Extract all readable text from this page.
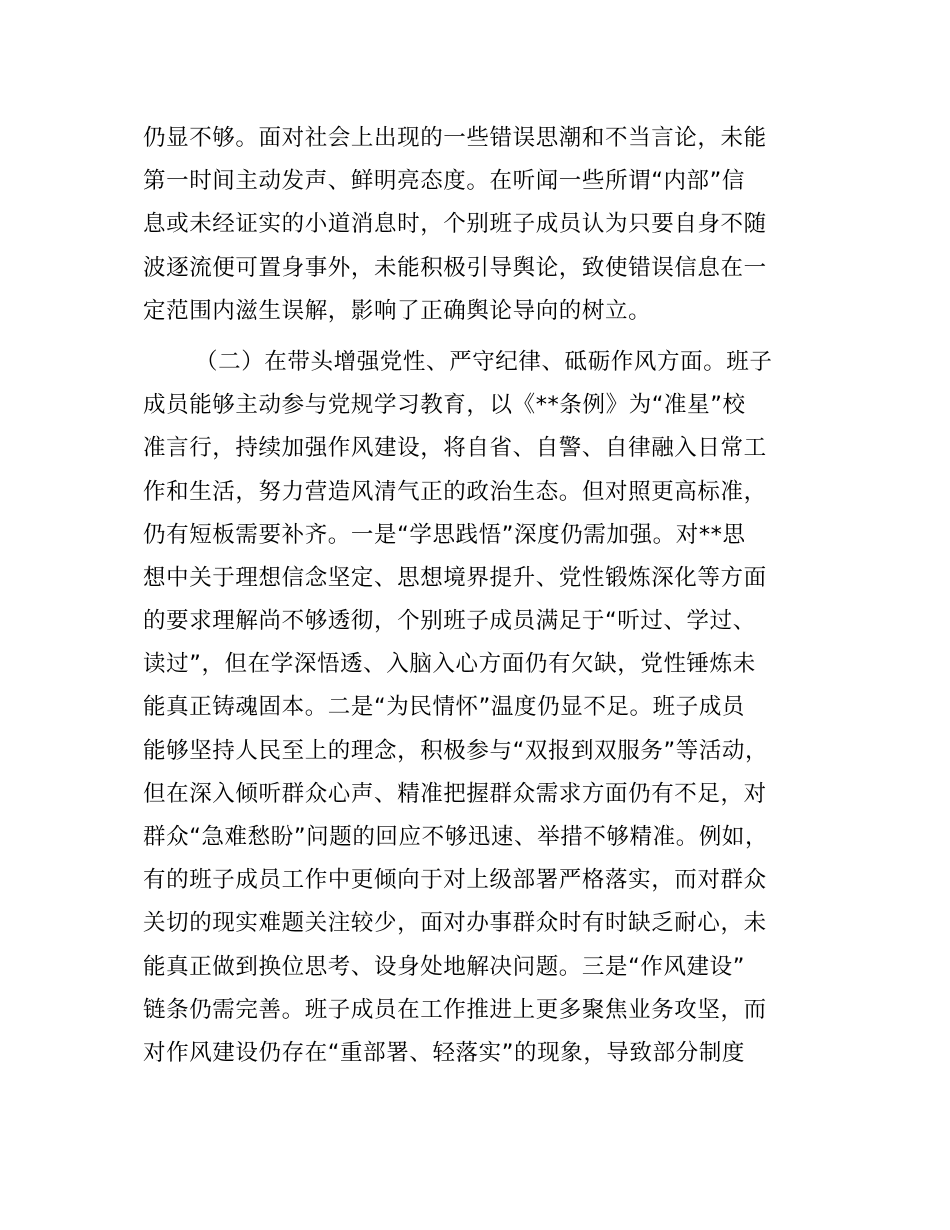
仍显不够。面对社会上出现的一些错误思潮和不当言论，未能

第一时间主动发声、鲜明亮态度。在听闻一些所谓“内部”信

息或未经证实的小道消息时，个别班子成员认为只要自身不随

波逐流便可置身事外，未能积极引导舆论，致使错误信息在一

定范围内滋生误解，影响了正确舆论导向的树立。

（二）在带头增强党性、严守纪律、砥砺作风方面。班子

成员能够主动参与党规学习教育，以《**条例》为“准星”校

准言行，持续加强作风建设，将自省、自警、自律融入日常工

作和生活，努力营造风清气正的政治生态。但对照更高标准，

仍有短板需要补齐。一是“学思践悟”深度仍需加强。对**思

想中关于理想信念坚定、思想境界提升、党性锻炼深化等方面

的要求理解尚不够透彻，个别班子成员满足于“听过、学过、

读过”，但在学深悟透、入脑入心方面仍有欠缺，党性锤炼未

能真正铸魂固本。二是“为民情怀”温度仍显不足。班子成员

能够坚持人民至上的理念，积极参与“双报到双服务”等活动，

但在深入倾听群众心声、精准把握群众需求方面仍有不足，对

群众“急难愁盼”问题的回应不够迅速、举措不够精准。例如，

有的班子成员工作中更倾向于对上级部署严格落实，而对群众

关切的现实难题关注较少，面对办事群众时有时缺乏耐心，未

能真正做到换位思考、设身处地解决问题。三是“作风建设”

链条仍需完善。班子成员在工作推进上更多聚焦业务攻坚，而

对作风建设仍存在“重部署、轻落实”的现象，导致部分制度
